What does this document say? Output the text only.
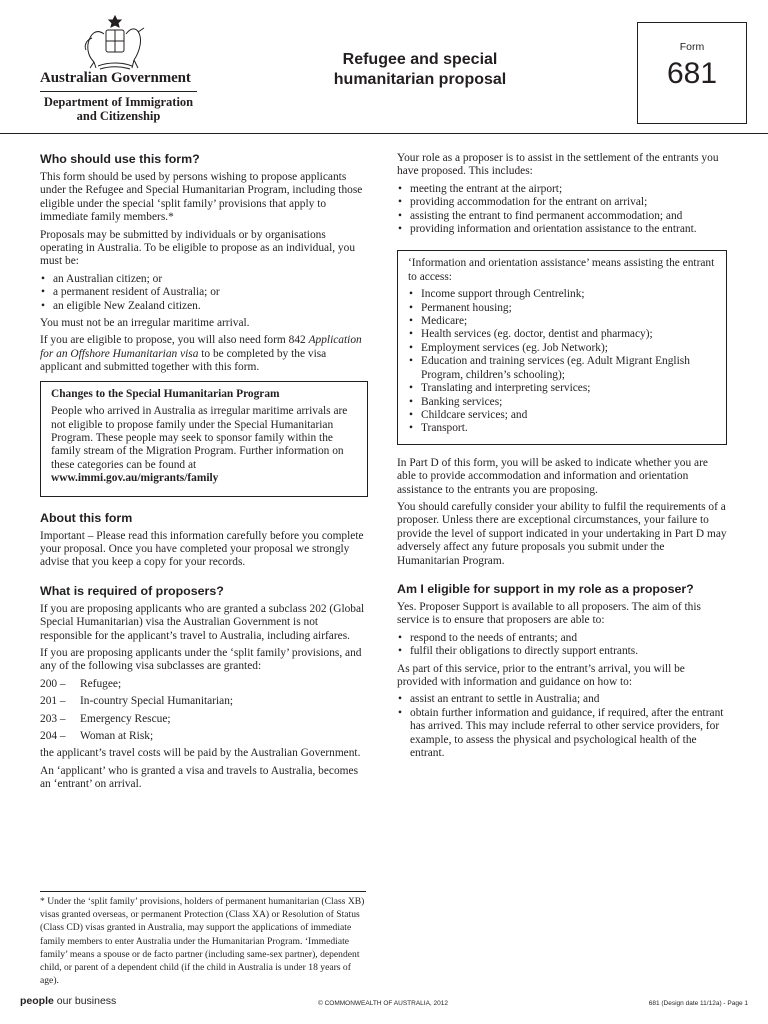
Australian Government
Department of Immigration
and Citizenship
Refugee and special
humanitarian proposal
Form
681
Who should use this form?

This form should be used by persons wishing to propose applicants under the Refugee and Special Humanitarian Program, including those eligible under the special ‘split family’ provisions that apply to immediate family members.*

Proposals may be submitted by individuals or by organisations operating in Australia. To be eligible to propose as an individual, you must be:

• an Australian citizen; or
• a permanent resident of Australia; or
• an eligible New Zealand citizen.

You must not be an irregular maritime arrival.

If you are eligible to propose, you will also need form 842 Application for an Offshore Humanitarian visa to be completed by the visa applicant and submitted together with this form.

Changes to the Special Humanitarian Program

People who arrived in Australia as irregular maritime arrivals are not eligible to propose family under the Special Humanitarian Program. These people may seek to sponsor family within the family stream of the Migration Program. Further information on these categories can be found at
www.immi.gov.au/migrants/family

About this form

Important – Please read this information carefully before you complete your proposal. Once you have completed your proposal we strongly advise that you keep a copy for your records.

What is required of proposers?

If you are proposing applicants who are granted a subclass 202 (Global Special Humanitarian) visa the Australian Government is not responsible for the applicant’s travel to Australia, including airfares.

If you are proposing applicants under the ‘split family’ provisions, and any of the following visa subclasses are granted:

200 – Refugee;

201 – In-country Special Humanitarian;

203 – Emergency Rescue;

204 – Woman at Risk;

the applicant’s travel costs will be paid by the Australian Government.

An ‘applicant’ who is granted a visa and travels to Australia, becomes an ‘entrant’ on arrival.

* Under the ‘split family’ provisions, holders of permanent humanitarian (Class XB) visas granted overseas, or permanent Protection (Class XA) or Resolution of Status (Class CD) visas granted in Australia, may support the applications of immediate family members to enter Australia under the Humanitarian Program. ‘Immediate family’ means a spouse or de facto partner (including same-sex partner), dependent child, or parent of a dependent child (if the child in Australia is under 18 years of age).

Your role as a proposer is to assist in the settlement of the entrants you have proposed. This includes:

• meeting the entrant at the airport;
• providing accommodation for the entrant on arrival;
• assisting the entrant to find permanent accommodation; and
• providing information and orientation assistance to the entrant.

‘Information and orientation assistance’ means assisting the entrant to access:

• Income support through Centrelink;
• Permanent housing;
• Medicare;
• Health services (eg. doctor, dentist and pharmacy);
• Employment services (eg. Job Network);
• Education and training services (eg. Adult Migrant English Program, children’s schooling);
• Translating and interpreting services;
• Banking services;
• Childcare services; and
• Transport.

In Part D of this form, you will be asked to indicate whether you are able to provide accommodation and information and orientation assistance to the entrants you are proposing.

You should carefully consider your ability to fulfil the requirements of a proposer. Unless there are exceptional circumstances, your failure to provide the level of support indicated in your undertaking in Part D may adversely affect any future proposals you submit under the Humanitarian Program.

Am I eligible for support in my role as a proposer?

Yes. Proposer Support is available to all proposers. The aim of this service is to ensure that proposers are able to:

• respond to the needs of entrants; and
• fulfil their obligations to directly support entrants.

As part of this service, prior to the entrant’s arrival, you will be provided with information and guidance on how to:

• assist an entrant to settle in Australia; and
• obtain further information and guidance, if required, after the entrant has arrived. This may include referral to other service providers, for example, to assess the physical and psychological health of the entrant.
people our business	© COMMONWEALTH OF AUSTRALIA, 2012	681 (Design date 11/12a) - Page 1
